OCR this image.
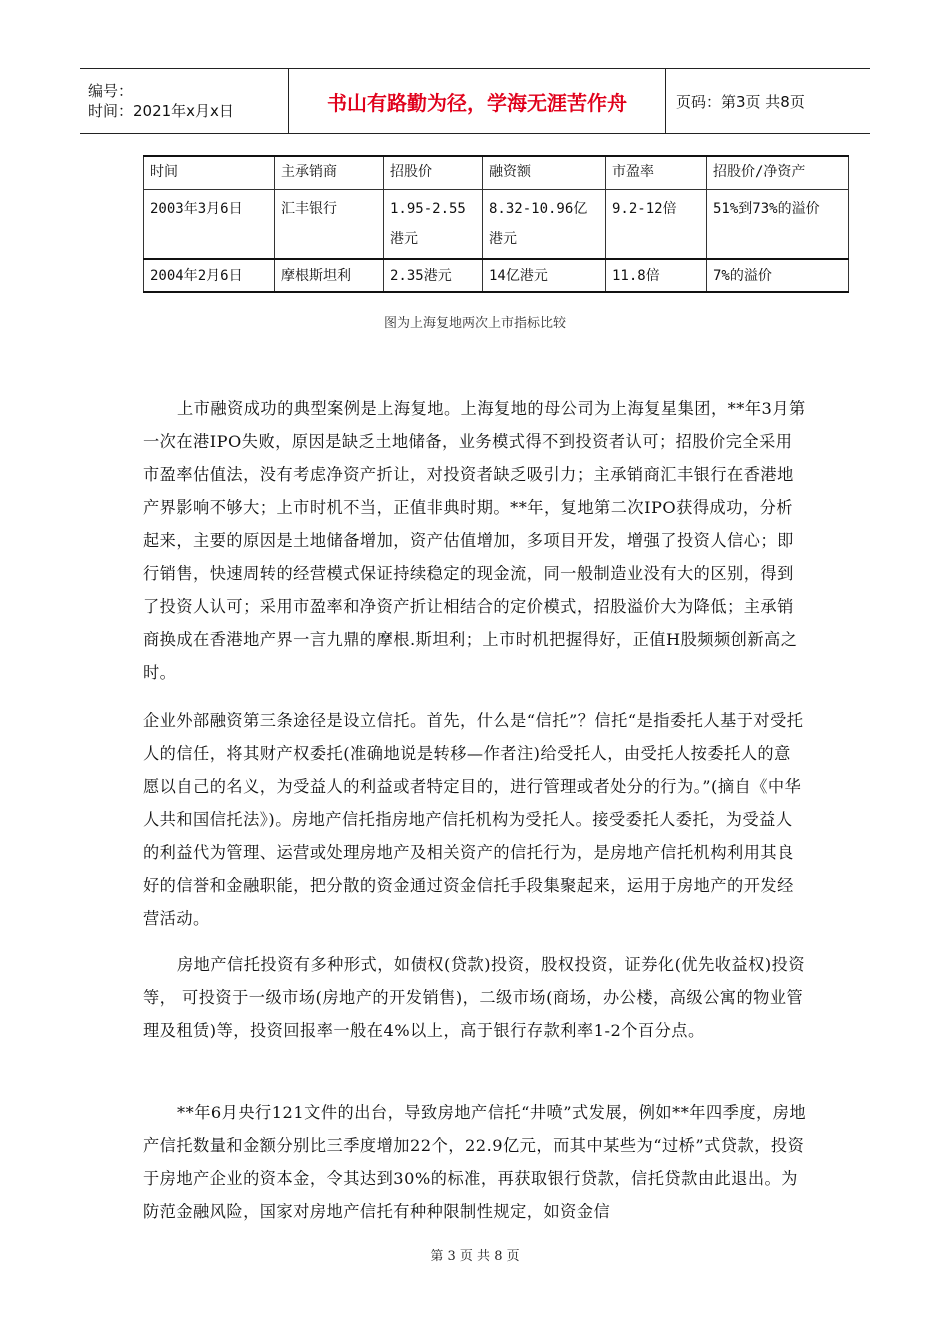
编号：
时间：2021年x月x日	书山有路勤为径，学海无涯苦作舟	页码：第3页 共8页
时间	主承销商	招股价	融资额	市盈率	招股价/净资产
2003年3月6日	汇丰银行	1.95-2.55港元	8.32-10.96亿港元	9.2-12倍	51%到73%的溢价
2004年2月6日	摩根斯坦利	2.35港元	14亿港元	11.8倍	7%的溢价
图为上海复地两次上市指标比较

上市融资成功的典型案例是上海复地。上海复地的母公司为上海复星集团，**年3月第一次在港IPO失败，原因是缺乏土地储备，业务模式得不到投资者认可；招股价完全采用市盈率估值法，没有考虑净资产折让，对投资者缺乏吸引力；主承销商汇丰银行在香港地产界影响不够大；上市时机不当，正值非典时期。**年，复地第二次IPO获得成功，分析起来，主要的原因是土地储备增加，资产估值增加，多项目开发，增强了投资人信心；即行销售，快速周转的经营模式保证持续稳定的现金流，同一般制造业没有大的区别，得到了投资人认可；采用市盈率和净资产折让相结合的定价模式，招股溢价大为降低；主承销商换成在香港地产界一言九鼎的摩根.斯坦利；上市时机把握得好，正值H股频频创新高之时。

企业外部融资第三条途径是设立信托。首先，什么是“信托”？信托“是指委托人基于对受托人的信任，将其财产权委托(准确地说是转移—作者注)给受托人，由受托人按委托人的意愿以自己的名义，为受益人的利益或者特定目的，进行管理或者处分的行为。”(摘自《中华人共和国信托法》)。房地产信托指房地产信托机构为受托人。接受委托人委托，为受益人的利益代为管理、运营或处理房地产及相关资产的信托行为，是房地产信托机构利用其良好的信誉和金融职能，把分散的资金通过资金信托手段集聚起来，运用于房地产的开发经营活动。

房地产信托投资有多种形式，如债权(贷款)投资，股权投资，证券化(优先收益权)投资等， 可投资于一级市场(房地产的开发销售)，二级市场(商场，办公楼，高级公寓的物业管理及租赁)等，投资回报率一般在4%以上，高于银行存款利率1-2个百分点。

**年6月央行121文件的出台，导致房地产信托“井喷”式发展，例如**年四季度，房地产信托数量和金额分别比三季度增加22个，22.9亿元，而其中某些为“过桥”式贷款，投资于房地产企业的资本金，令其达到30%的标准，再获取银行贷款，信托贷款由此退出。为防范金融风险，国家对房地产信托有种种限制性规定，如资金信

第 3 页 共 8 页
